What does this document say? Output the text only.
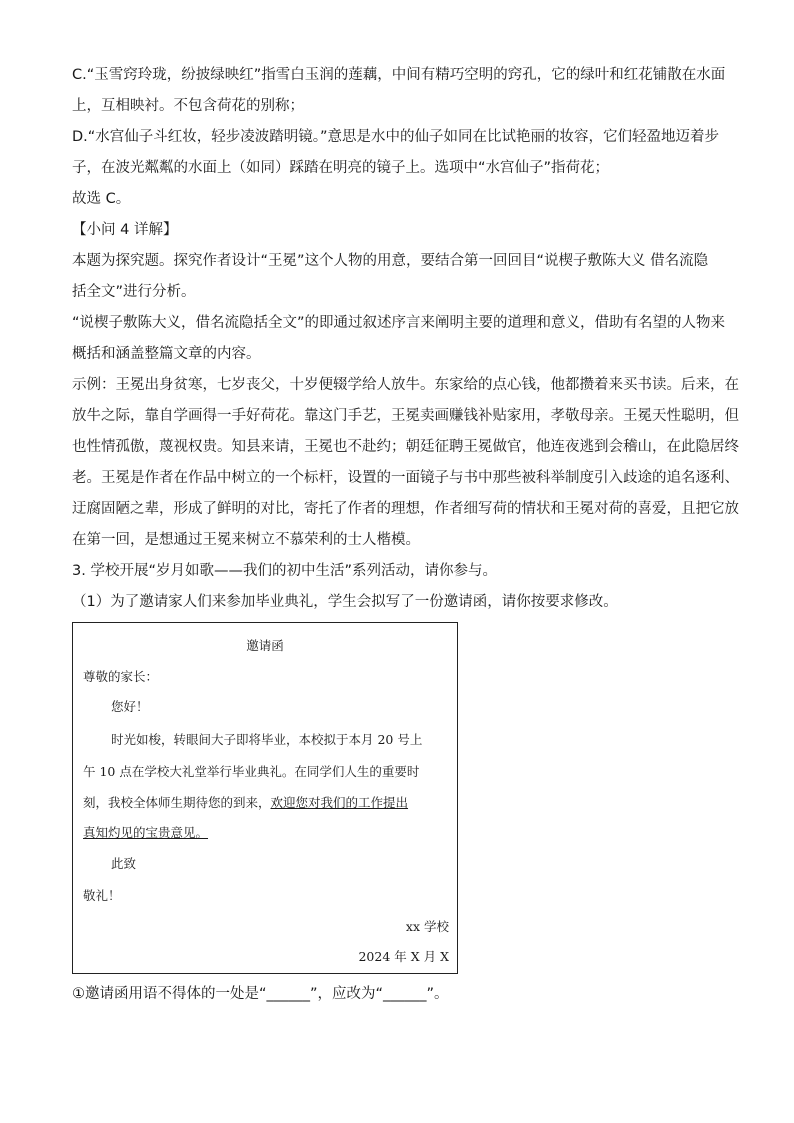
C.“玉雪窍玲珑，纷披绿映红”指雪白玉润的莲藕，中间有精巧空明的窍孔，它的绿叶和红花铺散在水面
上，互相映衬。不包含荷花的别称；
D.“水宫仙子斗红妆，轻步凌波踏明镜。”意思是水中的仙子如同在比试艳丽的妆容，它们轻盈地迈着步
子，在波光粼粼的水面上（如同）踩踏在明亮的镜子上。选项中“水宫仙子”指荷花；
故选 C。
【小问 4 详解】
本题为探究题。探究作者设计“王冕”这个人物的用意，要结合第一回回目“说楔子敷陈大义 借名流隐
括全文”进行分析。
“说楔子敷陈大义，借名流隐括全文”的即通过叙述序言来阐明主要的道理和意义，借助有名望的人物来
概括和涵盖整篇文章的内容。
示例：王冕出身贫寒，七岁丧父，十岁便辍学给人放牛。东家给的点心钱，他都攒着来买书读。后来，在
放牛之际，靠自学画得一手好荷花。靠这门手艺，王冕卖画赚钱补贴家用，孝敬母亲。王冕天性聪明，但
也性情孤傲，蔑视权贵。知县来请，王冕也不赴约；朝廷征聘王冕做官，他连夜逃到会稽山，在此隐居终
老。王冕是作者在作品中树立的一个标杆，设置的一面镜子与书中那些被科举制度引入歧途的追名逐利、
迂腐固陋之辈，形成了鲜明的对比，寄托了作者的理想，作者细写荷的情状和王冕对荷的喜爱，且把它放
在第一回，是想通过王冕来树立不慕荣利的士人楷模。
3. 学校开展“岁月如歌——我们的初中生活”系列活动，请你参与。
（1）为了邀请家人们来参加毕业典礼，学生会拟写了一份邀请函，请你按要求修改。
邀请函
尊敬的家长：
您好！
时光如梭，转眼间大子即将毕业，本校拟于本月 20 号上
午 10 点在学校大礼堂举行毕业典礼。在同学们人生的重要时
刻，我校全体师生期待您的到来，欢迎您对我们的工作提出
真知灼见的宝贵意见。
此致
敬礼！
xx 学校
2024 年 X 月 X
①邀请函用语不得体的一处是“______”，应改为“______”。
